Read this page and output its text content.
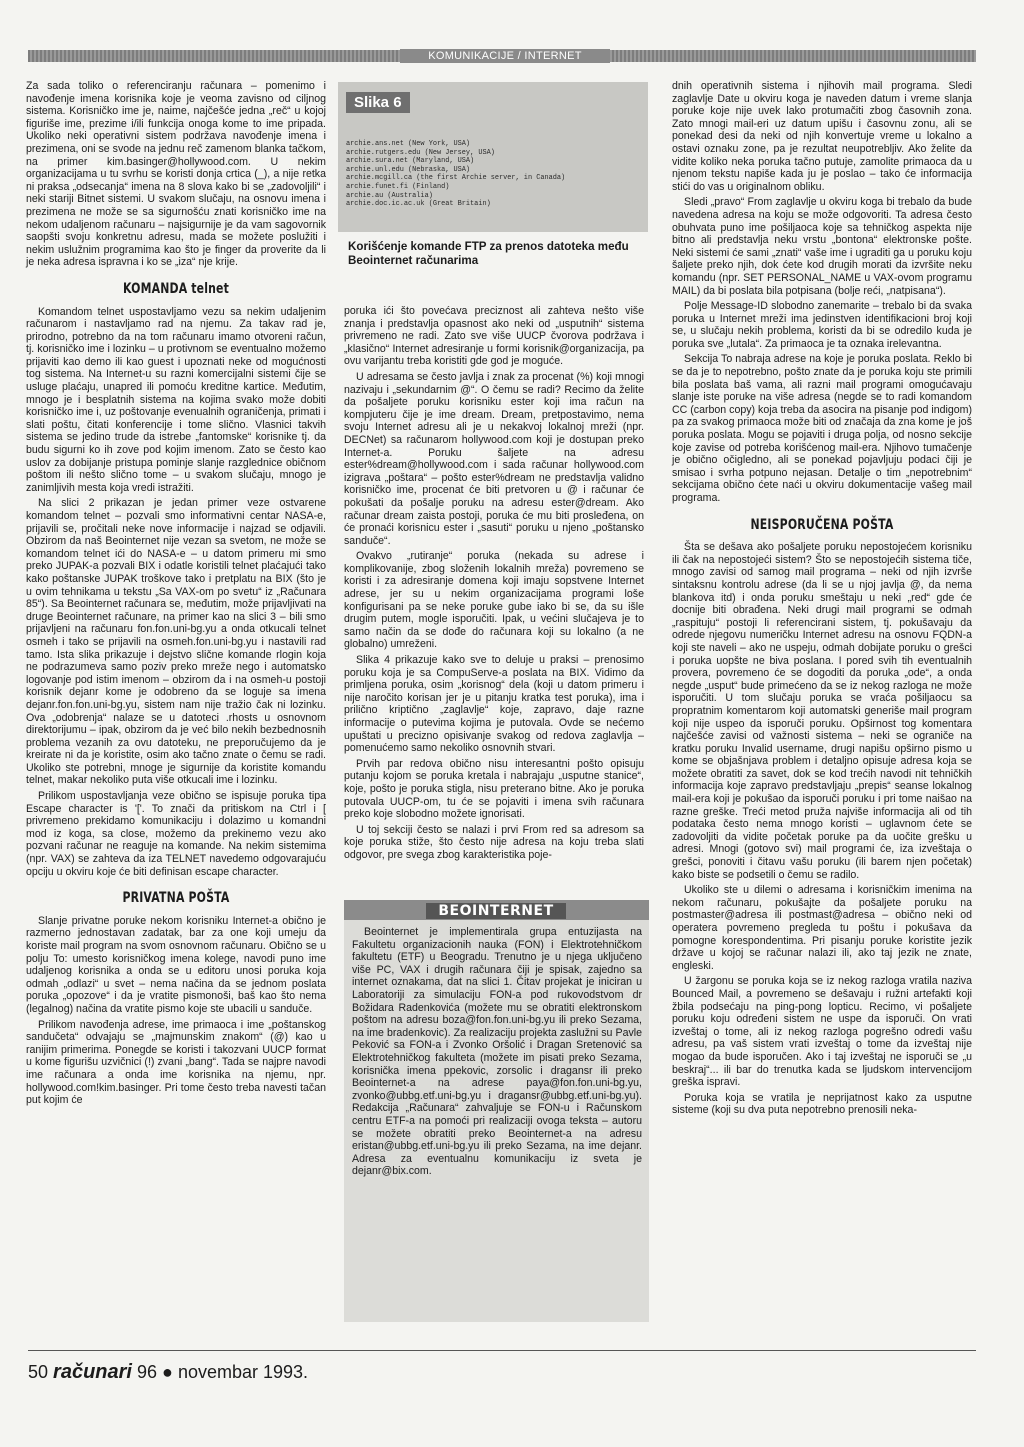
KOMUNIKACIJE / INTERNET

Za sada toliko o referenciranju računara – pomenimo i navođenje imena korisnika koje je veoma zavisno od ciljnog sistema. Korisničko ime je, naime, najčešće jedna „reč“ u kojoj figuriše ime, prezime i/ili funkcija onoga kome to ime pripada. Ukoliko neki operativni sistem podržava navođenje imena i prezimena, oni se svode na jednu reč zamenom blanka tačkom, na primer kim.basinger@hollywood.com. U nekim organizacijama u tu svrhu se koristi donja crtica (_), a nije retka ni praksa „odsecanja“ imena na 8 slova kako bi se „zadovoljili“ i neki stariji Bitnet sistemi. U svakom slučaju, na osnovu imena i prezimena ne može se sa sigurnošću znati korisničko ime na nekom udaljenom računaru – najsigurnije je da vam sagovornik saopšti svoju konkretnu adresu, mada se možete poslužiti i nekim uslužnim programima kao što je finger da proverite da li je neka adresa ispravna i ko se „iza“ nje krije.

KOMANDA telnet

Komandom telnet uspostavljamo vezu sa nekim udaljenim računarom i nastavljamo rad na njemu. Za takav rad je, prirodno, potrebno da na tom računaru imamo otvoreni račun, tj. korisničko ime i lozinku – u protivnom se eventualno možemo prijaviti kao demo ili kao guest i upoznati neke od mogućnosti tog sistema. Na Internet-u su razni komercijalni sistemi čije se usluge plaćaju, unapred ili pomoću kreditne kartice. Međutim, mnogo je i besplatnih sistema na kojima svako može dobiti korisničko ime i, uz poštovanje evenualnih ograničenja, primati i slati poštu, čitati konferencije i tome slično. Vlasnici takvih sistema se jedino trude da istrebe „fantomske“ korisnike tj. da budu sigurni ko ih zove pod kojim imenom. Zato se često kao uslov za dobijanje pristupa pominje slanje razglednice običnom poštom ili nešto slično tome – u svakom slučaju, mnogo je zanimljivih mesta koja vredi istražiti.

Na slici 2 prikazan je jedan primer veze ostvarene komandom telnet – pozvali smo informativni centar NASA-e, prijavili se, pročitali neke nove informacije i najzad se odjavili. Obzirom da naš Beointernet nije vezan sa svetom, ne može se komandom telnet ići do NASA-e – u datom primeru mi smo preko JUPAK-a pozvali BIX i odatle koristili telnet plaćajući tako kako poštanske JUPAK troškove tako i pretplatu na BIX (što je u ovim tehnikama u tekstu „Sa VAX-om po svetu“ iz „Računara 85“). Sa Beointernet računara se, međutim, može prijavljivati na druge Beointernet računare, na primer kao na slici 3 – bili smo prijavljeni na računaru fon.fon.uni-bg.yu a onda otkucali telnet osmeh i tako se prijavili na osmeh.fon.uni-bg.yu i nastavili rad tamo. Ista slika prikazuje i dejstvo slične komande rlogin koja ne podrazumeva samo poziv preko mreže nego i automatsko logovanje pod istim imenom – obzirom da i na osmeh-u postoji korisnik dejanr kome je odobreno da se loguje sa imena dejanr.fon.fon.uni-bg.yu, sistem nam nije tražio čak ni lozinku. Ova „odobrenja“ nalaze se u datoteci .rhosts u osnovnom direktorijumu – ipak, obzirom da je već bilo nekih bezbednosnih problema vezanih za ovu datoteku, ne preporučujemo da je kreirate ni da je koristite, osim ako tačno znate o čemu se radi. Ukoliko ste potrebni, mnoge je sigurnije da koristite komandu telnet, makar nekoliko puta više otkucali ime i lozinku.

Prilikom uspostavljanja veze obično se ispisuje poruka tipa Escape character is '['. To znači da pritiskom na Ctrl i [ privremeno prekidamo komunikaciju i dolazimo u komandni mod iz koga, sa close, možemo da prekinemo vezu ako pozvani računar ne reaguje na komande. Na nekim sistemima (npr. VAX) se zahteva da iza TELNET navedemo odgovarajuću opciju u okviru koje će biti definisan escape character.

PRIVATNA POŠTA

Slanje privatne poruke nekom korisniku Internet-a obično je razmerno jednostavan zadatak, bar za one koji umeju da koriste mail program na svom osnovnom računaru. Obično se u polju To: umesto korisničkog imena kolege, navodi puno ime udaljenog korisnika a onda se u editoru unosi poruka koja odmah „odlazi“ u svet – nema načina da se jednom poslata poruka „opozove“ i da je vratite pismonoši, baš kao što nema (legalnog) načina da vratite pismo koje ste ubacili u sanduče.

Prilikom navođenja adrese, ime primaoca i ime „poštanskog sandučeta“ odvajaju se „majmunskim znakom“ (@) kao u ranijim primerima. Ponegde se koristi i takozvani UUCP format u kome figurišu uzvičnici (!) zvani „bang“. Tada se najpre navodi ime računara a onda ime korisnika na njemu, npr. hollywood.com!kim.basinger. Pri tome često treba navesti tačan put kojim će

Slika 6
archie.ans.net (New York, USA)
archie.rutgers.edu (New Jersey, USA)
archie.sura.net (Maryland, USA)
archie.unl.edu (Nebraska, USA)
archie.mcgill.ca (the first Archie server, in Canada)
archie.funet.fi (Finland)
archie.au (Australia)
archie.doc.ic.ac.uk (Great Britain)
Korišćenje komande FTP za prenos datoteka među Beointernet računarima

poruka ići što povećava preciznost ali zahteva nešto više znanja i predstavlja opasnost ako neki od „usputnih“ sistema privremeno ne radi. Zato sve više UUCP čvorova podržava i „klasično“ Internet adresiranje u formi korisnik@organizacija, pa ovu varijantu treba koristiti gde god je moguće.

U adresama se često javlja i znak za procenat (%) koji mnogi nazivaju i „sekundarnim @“. O čemu se radi? Recimo da želite da pošaljete poruku korisniku ester koji ima račun na kompjuteru čije je ime dream. Dream, pretpostavimo, nema svoju Internet adresu ali je u nekakvoj lokalnoj mreži (npr. DECNet) sa računarom hollywood.com koji je dostupan preko Internet-a. Poruku šaljete na adresu ester%dream@hollywood.com i sada računar hollywood.com izigrava „poštara“ – pošto ester%dream ne predstavlja validno korisničko ime, procenat će biti pretvoren u @ i računar će pokušati da pošalje poruku na adresu ester@dream. Ako računar dream zaista postoji, poruka će mu biti prosleđena, on će pronaći korisnicu ester i „sasuti“ poruku u njeno „poštansko sanduče“.

Ovakvo „rutiranje“ poruka (nekada su adrese i komplikovanije, zbog složenih lokalnih mreža) povremeno se koristi i za adresiranje domena koji imaju sopstvene Internet adrese, jer su u nekim organizacijama programi loše konfigurisani pa se neke poruke gube iako bi se, da su išle drugim putem, mogle isporučiti. Ipak, u većini slučajeva je to samo način da se dođe do računara koji su lokalno (a ne globalno) umreženi.

Slika 4 prikazuje kako sve to deluje u praksi – prenosimo poruku koja je sa CompuServe-a poslata na BIX. Vidimo da primljena poruka, osim „korisnog“ dela (koji u datom primeru i nije naročito korisan jer je u pitanju kratka test poruka), ima i prilično kriptično „zaglavlje“ koje, zapravo, daje razne informacije o putevima kojima je putovala. Ovde se nećemo upuštati u precizno opisivanje svakog od redova zaglavlja – pomenućemo samo nekoliko osnovnih stvari.

Prvih par redova obično nisu interesantni pošto opisuju putanju kojom se poruka kretala i nabrajaju „usputne stanice“, koje, pošto je poruka stigla, nisu preterano bitne. Ako je poruka putovala UUCP-om, tu će se pojaviti i imena svih računara preko koje slobodno možete ignorisati.

U toj sekciji često se nalazi i prvi From red sa adresom sa koje poruka stiže, što često nije adresa na koju treba slati odgovor, pre svega zbog karakteristika poje-

BEOINTERNET

Beointernet je implementirala grupa entuzijasta na Fakultetu organizacionih nauka (FON) i Elektrotehničkom fakultetu (ETF) u Beogradu. Trenutno je u njega uključeno više PC, VAX i drugih računara čiji je spisak, zajedno sa internet oznakama, dat na slici 1. Čitav projekat je iniciran u Laboratoriji za simulaciju FON-a pod rukovodstvom dr Božidara Radenkovića (možete mu se obratiti elektronskom poštom na adresu boza@fon.fon.uni-bg.yu ili preko Sezama, na ime bradenkovic). Za realizaciju projekta zaslužni su Pavle Peković sa FON-a i Zvonko Oršolić i Dragan Sretenović sa Elektrotehničkog fakulteta (možete im pisati preko Sezama, korisnička imena ppekovic, zorsolic i dragansr ili preko Beointernet-a na adrese paya@fon.fon.uni-bg.yu, zvonko@ubbg.etf.uni-bg.yu i dragansr@ubbg.etf.uni-bg.yu). Redakcija „Računara“ zahvaljuje se FON-u i Računskom centru ETF-a na pomoći pri realizaciji ovoga teksta – autoru se možete obratiti preko Beointernet-a na adresu eristan@ubbg.etf.uni-bg.yu ili preko Sezama, na ime dejanr. Adresa za eventualnu komunikaciju iz sveta je dejanr@bix.com.

dnih operativnih sistema i njihovih mail programa. Sledi zaglavlje Date u okviru koga je naveden datum i vreme slanja poruke koje nije uvek lako protumačiti zbog časovnih zona. Zato mnogi mail-eri uz datum upišu i časovnu zonu, ali se ponekad desi da neki od njih konvertuje vreme u lokalno a ostavi oznaku zone, pa je rezultat neupotrebljiv. Ako želite da vidite koliko neka poruka tačno putuje, zamolite primaoca da u njenom tekstu napiše kada ju je poslao – tako će informacija stići do vas u originalnom obliku.

Sledi „pravo“ From zaglavlje u okviru koga bi trebalo da bude navedena adresa na koju se može odgovoriti. Ta adresa često obuhvata puno ime pošiljaoca koje sa tehničkog aspekta nije bitno ali predstavlja neku vrstu „bontona“ elektronske pošte. Neki sistemi će sami „znati“ vaše ime i ugraditi ga u poruku koju šaljete preko njih, dok ćete kod drugih morati da izvršite neku komandu (npr. SET PERSONAL_NAME u VAX-ovom programu MAIL) da bi poslata bila potpisana (bolje reći, „natpisana“).

Polje Message-ID slobodno zanemarite – trebalo bi da svaka poruka u Internet mreži ima jedinstven identifikacioni broj koji se, u slučaju nekih problema, koristi da bi se odredilo kuda je poruka sve „lutala“. Za primaoca je ta oznaka irelevantna.

Sekcija To nabraja adrese na koje je poruka poslata. Reklo bi se da je to nepotrebno, pošto znate da je poruka koju ste primili bila poslata baš vama, ali razni mail programi omogućavaju slanje iste poruke na više adresa (negde se to radi komandom CC (carbon copy) koja treba da asocira na pisanje pod indigom) pa za svakog primaoca može biti od značaja da zna kome je još poruka poslata. Mogu se pojaviti i druga polja, od nosno sekcije koje zavise od potreba korišćenog mail-era. Njihovo tumačenje je obično očigledno, ali se ponekad pojavljuju podaci čiji je smisao i svrha potpuno nejasan. Detalje o tim „nepotrebnim“ sekcijama obično ćete naći u okviru dokumentacije vašeg mail programa.

NEISPORUČENA POŠTA

Šta se dešava ako pošaljete poruku nepostojećem korisniku ili čak na nepostojeći sistem? Što se nepostojećih sistema tiče, mnogo zavisi od samog mail programa – neki od njih izvrše sintaksnu kontrolu adrese (da li se u njoj javlja @, da nema blankova itd) i onda poruku smeštaju u neki „red“ gde će docnije biti obrađena. Neki drugi mail programi se odmah „raspituju“ postoji li referencirani sistem, tj. pokušavaju da odrede njegovu numeričku Internet adresu na osnovu FQDN-a koji ste naveli – ako ne uspeju, odmah dobijate poruku o grešci i poruka uopšte ne biva poslana. I pored svih tih eventualnih provera, povremeno će se dogoditi da poruka „ode“, a onda negde „usput“ bude primećeno da se iz nekog razloga ne može isporučiti. U tom slučaju poruka se vraća pošiljaocu sa propratnim komentarom koji automatski generiše mail program koji nije uspeo da isporuči poruku. Opširnost tog komentara najčešće zavisi od važnosti sistema – neki se ograniče na kratku poruku Invalid username, drugi napišu opširno pismo u kome se objašnjava problem i detaljno opisuje adresa koja se možete obratiti za savet, dok se kod trećih navodi nit tehničkih informacija koje zapravo predstavljaju „prepis“ seanse lokalnog mail-era koji je pokušao da isporuči poruku i pri tome naišao na razne greške. Treći metod pruža najviše informacija ali od tih podataka često nema mnogo koristi – uglavnom ćete se zadovoljiti da vidite početak poruke pa da uočite grešku u adresi. Mnogi (gotovo svi) mail programi će, iza izveštaja o grešci, ponoviti i čitavu vašu poruku (ili barem njen početak) kako biste se podsetili o čemu se radilo.

Ukoliko ste u dilemi o adresama i korisničkim imenima na nekom računaru, pokušajte da pošaljete poruku na postmaster@adresa ili postmast@adresa – obično neki od operatera povremeno pregleda tu poštu i pokušava da pomogne korespondentima. Pri pisanju poruke koristite jezik države u kojoj se računar nalazi ili, ako taj jezik ne znate, engleski.

U žargonu se poruka koja se iz nekog razloga vratila naziva Bounced Mail, a povremeno se dešavaju i ružni artefakti koji žbila podsećaju na ping-pong lopticu. Recimo, vi pošaljete poruku koju određeni sistem ne uspe da isporuči. On vrati izveštaj o tome, ali iz nekog razloga pogrešno odredi vašu adresu, pa vaš sistem vrati izveštaj o tome da izveštaj nije mogao da bude isporučen. Ako i taj izveštaj ne isporuči se „u beskraj“... ili bar do trenutka kada se ljudskom intervencijom greška ispravi.

Poruka koja se vratila je neprijatnost kako za usputne sisteme (koji su dva puta nepotrebno prenosili neka-

50 računari 96 ● novembar 1993.
